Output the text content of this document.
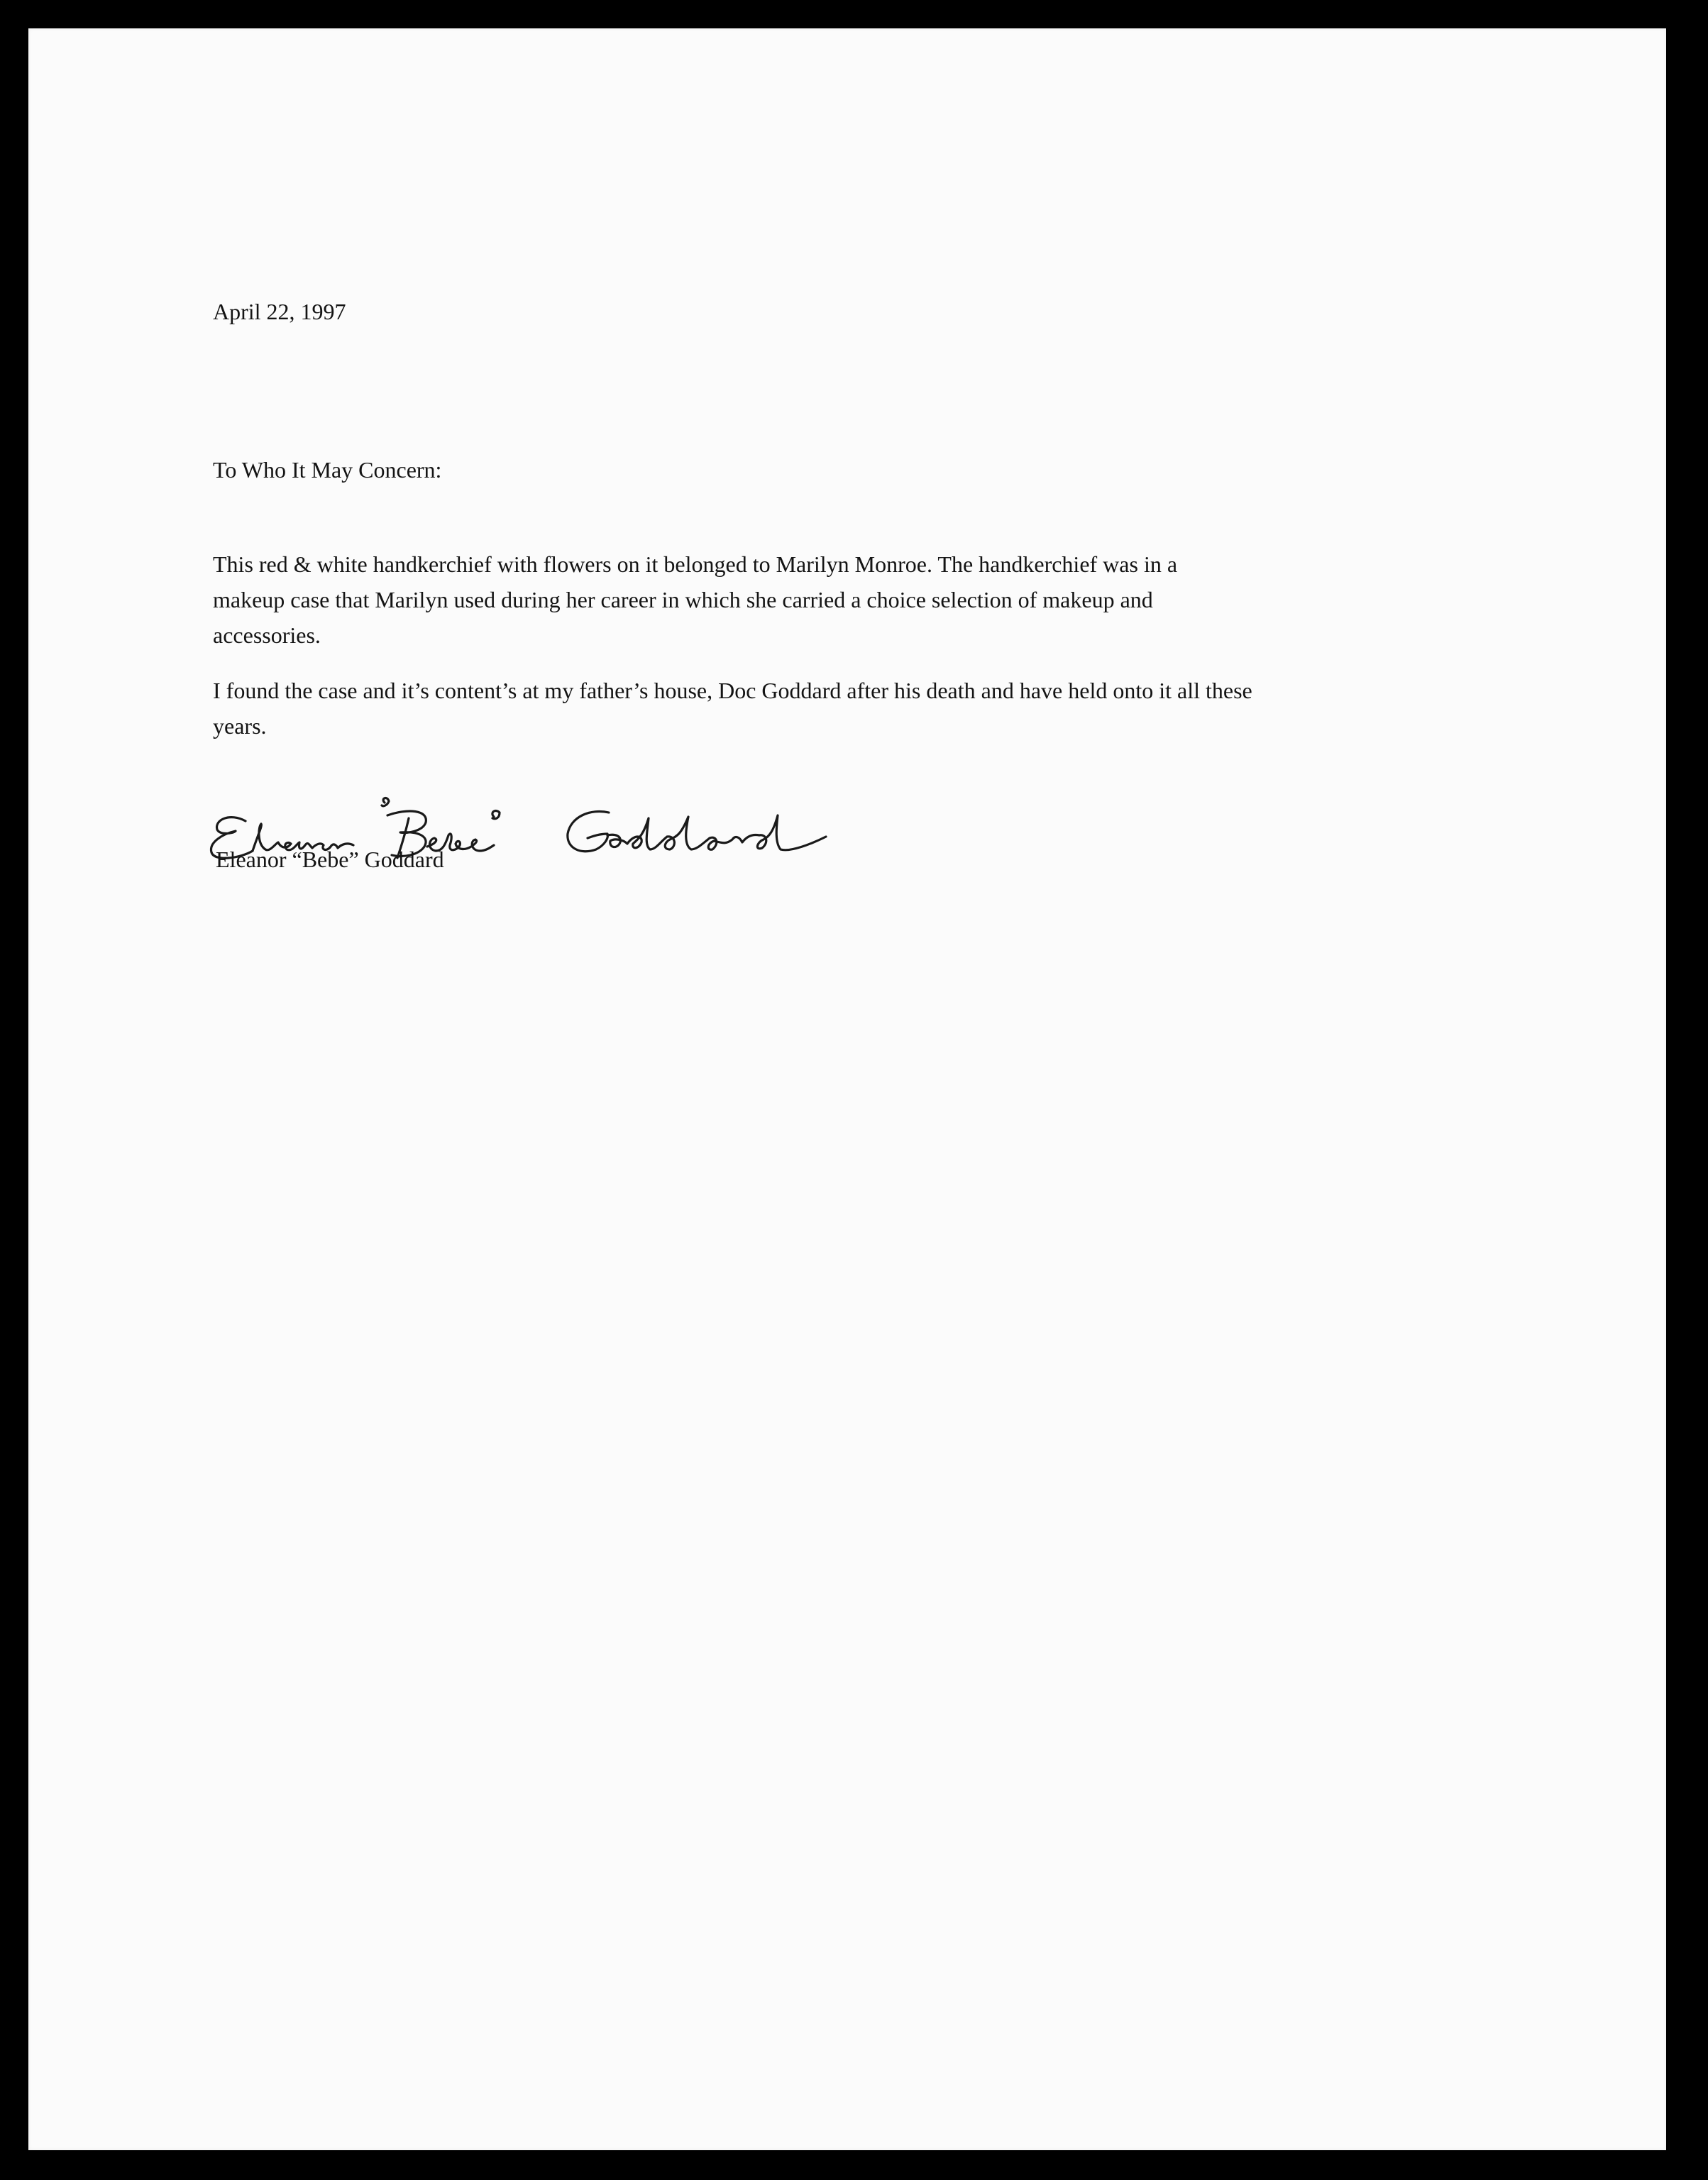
April 22, 1997

To Who It May Concern:

This red & white handkerchief with flowers on it belonged to Marilyn Monroe. The handkerchief was in a
makeup case that Marilyn used during her career in which she carried a choice selection of makeup and
accessories.

I found the case and it’s content’s at my father’s house, Doc Goddard after his death and have held onto it all these
years.

Eleanor “Bebe” Goddard
